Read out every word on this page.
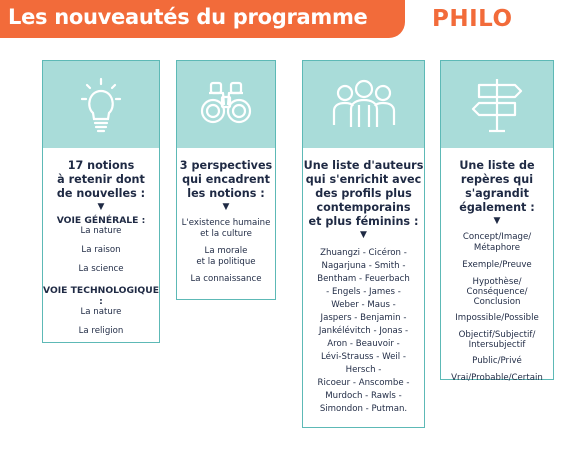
Les nouveautés du programme	PHILO
17 notions
à retenir dont
de nouvelles :
▼
VOIE GÉNÉRALE :
La nature
La raison
La science
VOIE TECHNOLOGIQUE :
La nature
La religion
3 perspectives
qui encadrent
les notions :
▼
L'existence humaine
et la culture
La morale
et la politique
La connaissance
Une liste d'auteurs
qui s'enrichit avec
des profils plus
contemporains
et plus féminins :
▼
Zhuangzi - Cicéron -
Nagarjuna - Smith -
Bentham - Feuerbach
- Engels - James -
Weber - Maus -
Jaspers - Benjamin -
Jankélévitch - Jonas -
Aron - Beauvoir -
Lévi-Strauss - Weil -
Hersch -
Ricoeur - Anscombe -
Murdoch - Rawls -
Simondon - Putman.
Une liste de
repères qui
s'agrandit
également :
▼
Concept/Image/
Métaphore
Exemple/Preuve
Hypothèse/
Conséquence/
Conclusion
Impossible/Possible
Objectif/Subjectif/
Intersubjectif
Public/Privé
Vrai/Probable/Certain
